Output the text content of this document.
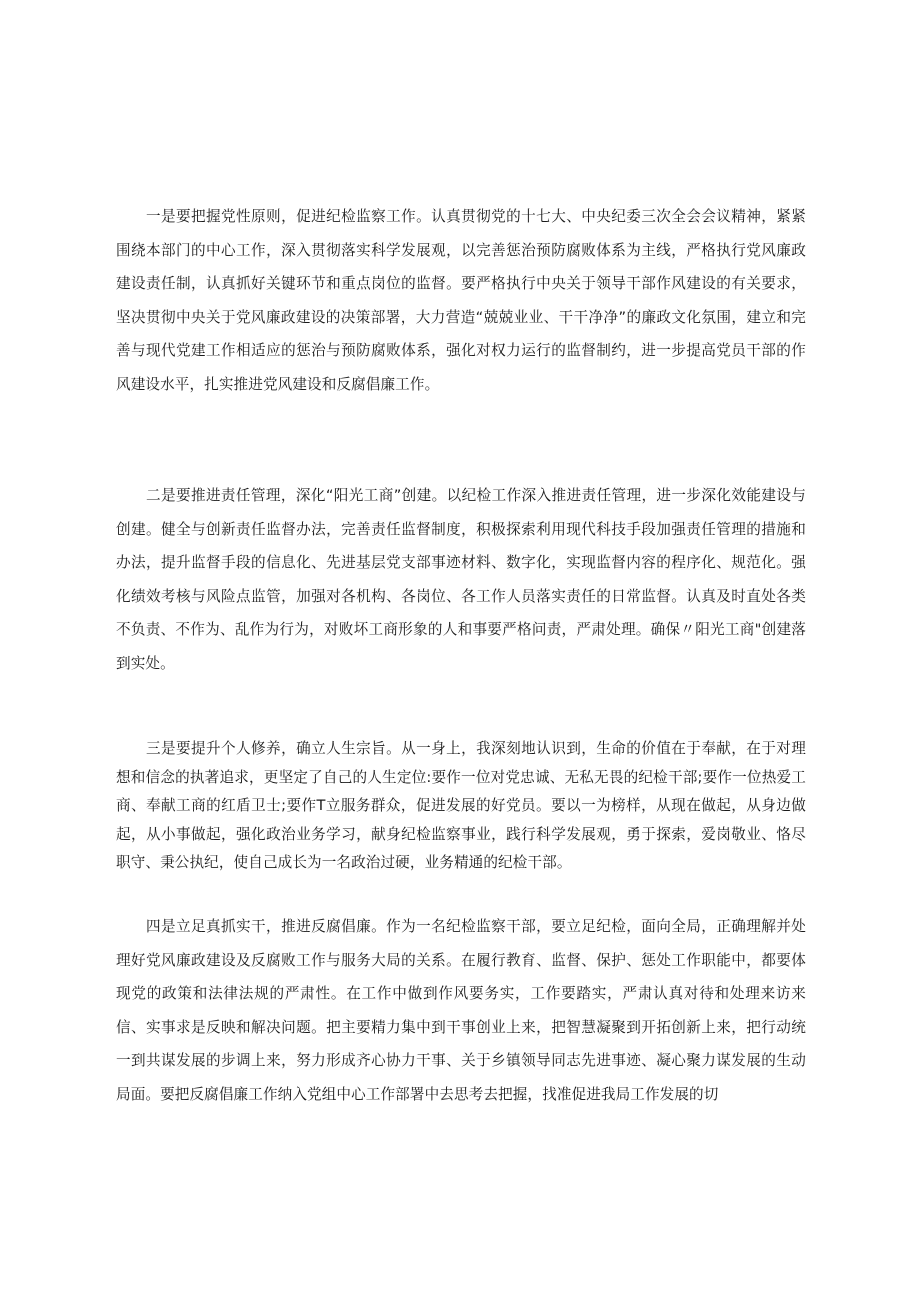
一是要把握党性原则，促进纪检监察工作。认真贯彻党的十七大、中央纪委三次全会会议精神，紧紧围绕本部门的中心工作，深入贯彻落实科学发展观，以完善惩治预防腐败体系为主线，严格执行党风廉政建设责任制，认真抓好关键环节和重点岗位的监督。要严格执行中央关于领导干部作风建设的有关要求，坚决贯彻中央关于党风廉政建设的决策部署，大力营造“兢兢业业、干干净净”的廉政文化氛围，建立和完善与现代党建工作相适应的惩治与预防腐败体系，强化对权力运行的监督制约，进一步提高党员干部的作风建设水平，扎实推进党风建设和反腐倡廉工作。

二是要推进责任管理，深化“阳光工商”创建。以纪检工作深入推进责任管理，进一步深化效能建设与创建。健全与创新责任监督办法，完善责任监督制度，积极探索利用现代科技手段加强责任管理的措施和办法，提升监督手段的信息化、先进基层党支部事迹材料、数字化，实现监督内容的程序化、规范化。强化绩效考核与风险点监管，加强对各机构、各岗位、各工作人员落实责任的日常监督。认真及时直处各类不负责、不作为、乱作为行为，对败坏工商形象的人和事要严格问责，严肃处理。确保〃阳光工商"创建落到实处。

三是要提升个人修养，确立人生宗旨。从一身上，我深刻地认识到，生命的价值在于奉献，在于对理想和信念的执著追求，更坚定了自己的人生定位:要作一位对党忠诚、无私无畏的纪检干部;要作一位热爱工商、奉献工商的红盾卫士;要作T立服务群众，促进发展的好党员。要以一为榜样，从现在做起，从身边做起，从小事做起，强化政治业务学习，献身纪检监察事业，践行科学发展观，勇于探索，爱岗敬业、恪尽职守、秉公执纪，使自己成长为一名政治过硬，业务精通的纪检干部。

四是立足真抓实干，推进反腐倡廉。作为一名纪检监察干部，要立足纪检，面向全局，正确理解并处理好党风廉政建设及反腐败工作与服务大局的关系。在履行教育、监督、保护、惩处工作职能中，都要体现党的政策和法律法规的严肃性。在工作中做到作风要务实，工作要踏实，严肃认真对待和处理来访来信、实事求是反映和解决问题。把主要精力集中到干事创业上来，把智慧凝聚到开拓创新上来，把行动统一到共谋发展的步调上来，努力形成齐心协力干事、关于乡镇领导同志先进事迹、凝心聚力谋发展的生动局面。要把反腐倡廉工作纳入党组中心工作部署中去思考去把握，找准促进我局工作发展的切
